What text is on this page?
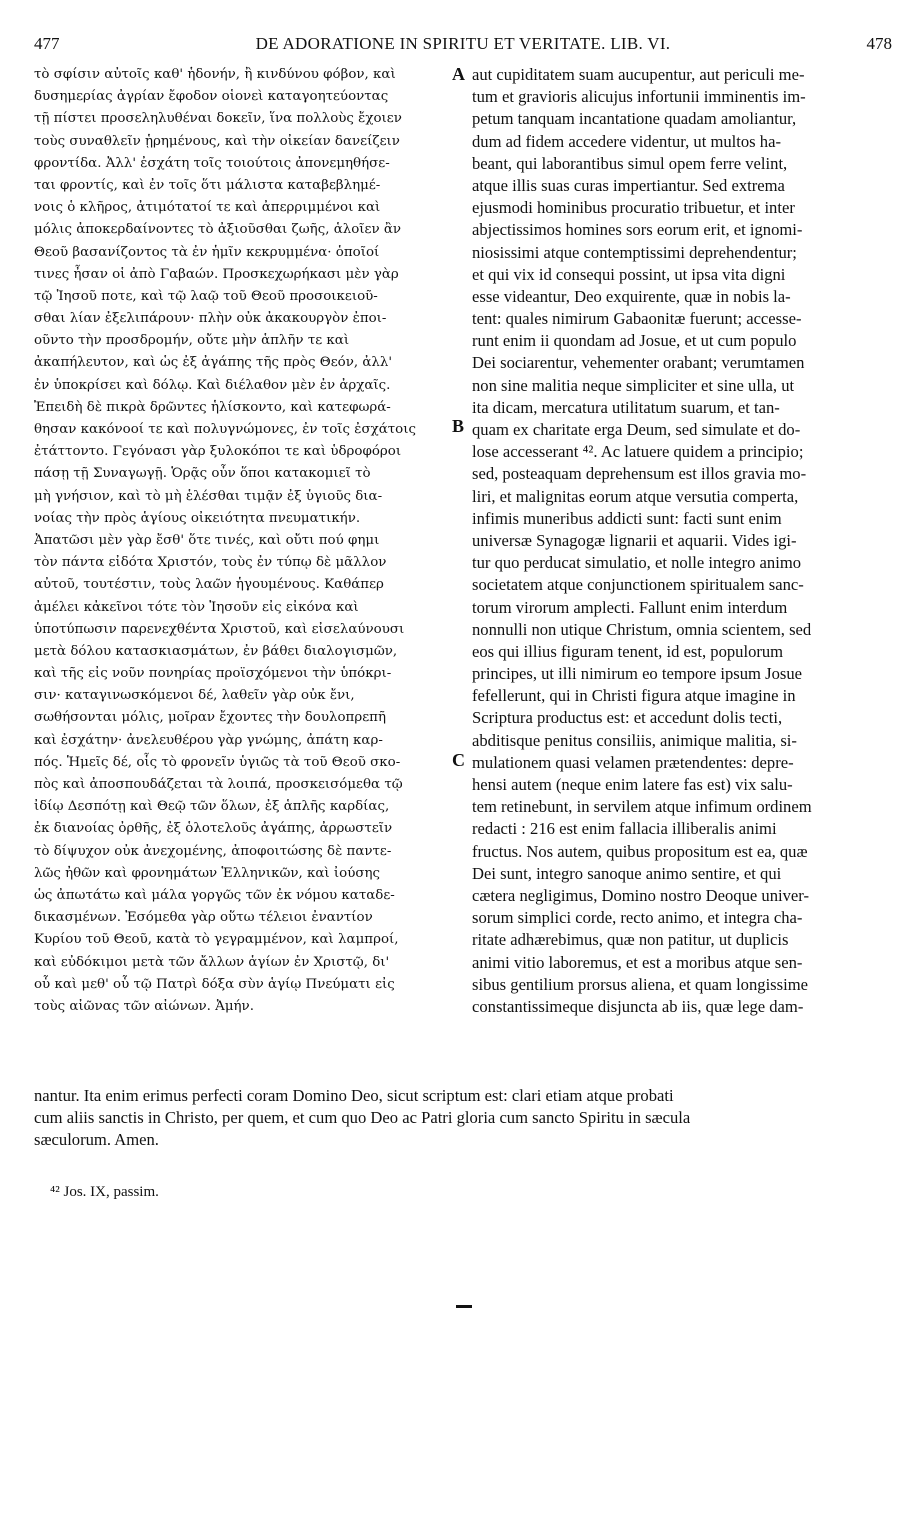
477	DE ADORATIONE IN SPIRITU ET VERITATE. LIB. VI.	478
τὸ σφίσιν αὐτοῖς καθ' ἡδονήν, ἢ κινδύνου φόβον, καὶ
δυσημερίας ἀγρίαν ἔφοδον οἱονεὶ καταγοητεύοντας
τῇ πίστει προσεληλυθέναι δοκεῖν, ἵνα πολλοὺς ἔχοιεν
τοὺς συναθλεῖν ᾑρημένους, καὶ τὴν οἰκείαν δανείζειν
φροντίδα. Ἀλλ' ἐσχάτη τοῖς τοιούτοις ἀπονεμηθήσε-
ται φροντίς, καὶ ἐν τοῖς ὅτι μάλιστα καταβεβλημέ-
νοις ὁ κλῆρος, ἀτιμότατοί τε καὶ ἀπερριμμένοι καὶ
μόλις ἀποκερδαίνοντες τὸ ἀξιοῦσθαι ζωῆς, ἁλοῖεν ἂν
Θεοῦ βασανίζοντος τὰ ἐν ἡμῖν κεκρυμμένα· ὁποῖοί
τινες ἦσαν οἱ ἀπὸ Γαβαών. Προσκεχωρήκασι μὲν γὰρ
τῷ Ἰησοῦ ποτε, καὶ τῷ λαῷ τοῦ Θεοῦ προσοικειοῦ-
σθαι λίαν ἐξελιπάρουν· πλὴν οὐκ ἀκακουργὸν ἐποι-
οῦντο τὴν προσδρομήν, οὔτε μὴν ἁπλῆν τε καὶ
ἀκαπήλευτον, καὶ ὡς ἐξ ἀγάπης τῆς πρὸς Θεόν, ἀλλ'
ἐν ὑποκρίσει καὶ δόλῳ. Καὶ διέλαθον μὲν ἐν ἀρχαῖς.
Ἐπειδὴ δὲ πικρὰ δρῶντες ἡλίσκοντο, καὶ κατεφωρά-
θησαν κακόνοοί τε καὶ πολυγνώμονες, ἐν τοῖς ἐσχάτοις
ἐτάττοντο. Γεγόνασι γὰρ ξυλοκόποι τε καὶ ὑδροφόροι
πάσῃ τῇ Συναγωγῇ. Ὁρᾷς οὖν ὅποι κατακομιεῖ τὸ
μὴ γνήσιον, καὶ τὸ μὴ ἑλέσθαι τιμᾷν ἐξ ὑγιοῦς δια-
νοίας τὴν πρὸς ἁγίους οἰκειότητα πνευματικήν.
Ἀπατῶσι μὲν γὰρ ἔσθ' ὅτε τινές, καὶ οὔτι πού φημι
τὸν πάντα εἰδότα Χριστόν, τοὺς ἐν τύπῳ δὲ μᾶλλον
αὐτοῦ, τουτέστιν, τοὺς λαῶν ἡγουμένους. Καθάπερ
ἀμέλει κἀκεῖνοι τότε τὸν Ἰησοῦν εἰς εἰκόνα καὶ
ὑποτύπωσιν παρενεχθέντα Χριστοῦ, καὶ εἰσελαύνουσι
μετὰ δόλου κατασκιασμάτων, ἐν βάθει διαλογισμῶν,
καὶ τῆς εἰς νοῦν πονηρίας προϊσχόμενοι τὴν ὑπόκρι-
σιν· καταγινωσκόμενοι δέ, λαθεῖν γὰρ οὐκ ἔνι,
σωθήσονται μόλις, μοῖραν ἔχοντες τὴν δουλοπρεπῆ
καὶ ἐσχάτην· ἀνελευθέρου γὰρ γνώμης, ἀπάτη καρ-
πός. Ἡμεῖς δέ, οἷς τὸ φρονεῖν ὑγιῶς τὰ τοῦ Θεοῦ σκο-
πὸς καὶ ἀποσπουδάζεται τὰ λοιπά, προσκεισόμεθα τῷ
ἰδίῳ Δεσπότῃ καὶ Θεῷ τῶν ὅλων, ἐξ ἁπλῆς καρδίας,
ἐκ διανοίας ὀρθῆς, ἐξ ὁλοτελοῦς ἀγάπης, ἀρρωστεῖν
τὸ δίψυχον οὐκ ἀνεχομένης, ἀποφοιτώσης δὲ παντε-
λῶς ἠθῶν καὶ φρονημάτων Ἑλληνικῶν, καὶ ἰούσης
ὡς ἀπωτάτω καὶ μάλα γοργῶς τῶν ἐκ νόμου καταδε-
δικασμένων. Ἐσόμεθα γὰρ οὕτω τέλειοι ἐναντίον
Κυρίου τοῦ Θεοῦ, κατὰ τὸ γεγραμμένον, καὶ λαμπροί,
καὶ εὐδόκιμοι μετὰ τῶν ἄλλων ἁγίων ἐν Χριστῷ, δι'
οὗ καὶ μεθ' οὗ τῷ Πατρὶ δόξα σὺν ἁγίῳ Πνεύματι εἰς
τοὺς αἰῶνας τῶν αἰώνων. Ἀμήν.
aut cupiditatem suam aucupentur, aut periculi me-
tum et gravioris alicujus infortunii imminentis im-
petum tanquam incantatione quadam amoliantur,
dum ad fidem accedere videntur, ut multos ha-
beant, qui laborantibus simul opem ferre velint,
atque illis suas curas impertiantur. Sed extrema
ejusmodi hominibus procuratio tribuetur, et inter
abjectissimos homines sors eorum erit, et ignomi-
niosissimi atque contemptissimi deprehendentur;
et qui vix id consequi possint, ut ipsa vita digni
esse videantur, Deo exquirente, quæ in nobis la-
tent: quales nimirum Gabaonitæ fuerunt; accesse-
runt enim ii quondam ad Josue, et ut cum populo
Dei sociarentur, vehementer orabant; verumtamen
non sine malitia neque simpliciter et sine ulla, ut
ita dicam, mercatura utilitatum suarum, et tan-
quam ex charitate erga Deum, sed simulate et do-
lose accesserant ⁴². Ac latuere quidem a principio;
sed, posteaquam deprehensum est illos gravia mo-
liri, et malignitas eorum atque versutia comperta,
infimis muneribus addicti sunt: facti sunt enim
universæ Synagogæ lignarii et aquarii. Vides igi-
tur quo perducat simulatio, et nolle integro animo
societatem atque conjunctionem spiritualem sanc-
torum virorum amplecti. Fallunt enim interdum
nonnulli non utique Christum, omnia scientem, sed
eos qui illius figuram tenent, id est, populorum
principes, ut illi nimirum eo tempore ipsum Josue
fefellerunt, qui in Christi figura atque imagine in
Scriptura productus est: et accedunt dolis tecti,
abditisque penitus consiliis, animique malitia, si-
mulationem quasi velamen prætendentes: depre-
hensi autem (neque enim latere fas est) vix salu-
tem retinebunt, in servilem atque infimum ordinem
redacti : 216 est enim fallacia illiberalis animi
fructus. Nos autem, quibus propositum est ea, quæ
Dei sunt, integro sanoque animo sentire, et qui
cætera negligimus, Domino nostro Deoque univer-
sorum simplici corde, recto animo, et integra cha-
ritate adhærebimus, quæ non patitur, ut duplicis
animi vitio laboremus, et est a moribus atque sen-
sibus gentilium prorsus aliena, et quam longissime
constantissimeque disjuncta ab iis, quæ lege dam-
A
B
C
nantur. Ita enim erimus perfecti coram Domino Deo, sicut scriptum est: clari etiam atque probati
cum aliis sanctis in Christo, per quem, et cum quo Deo ac Patri gloria cum sancto Spiritu in sæcula
sæculorum. Amen.
⁴² Jos. IX, passim.
